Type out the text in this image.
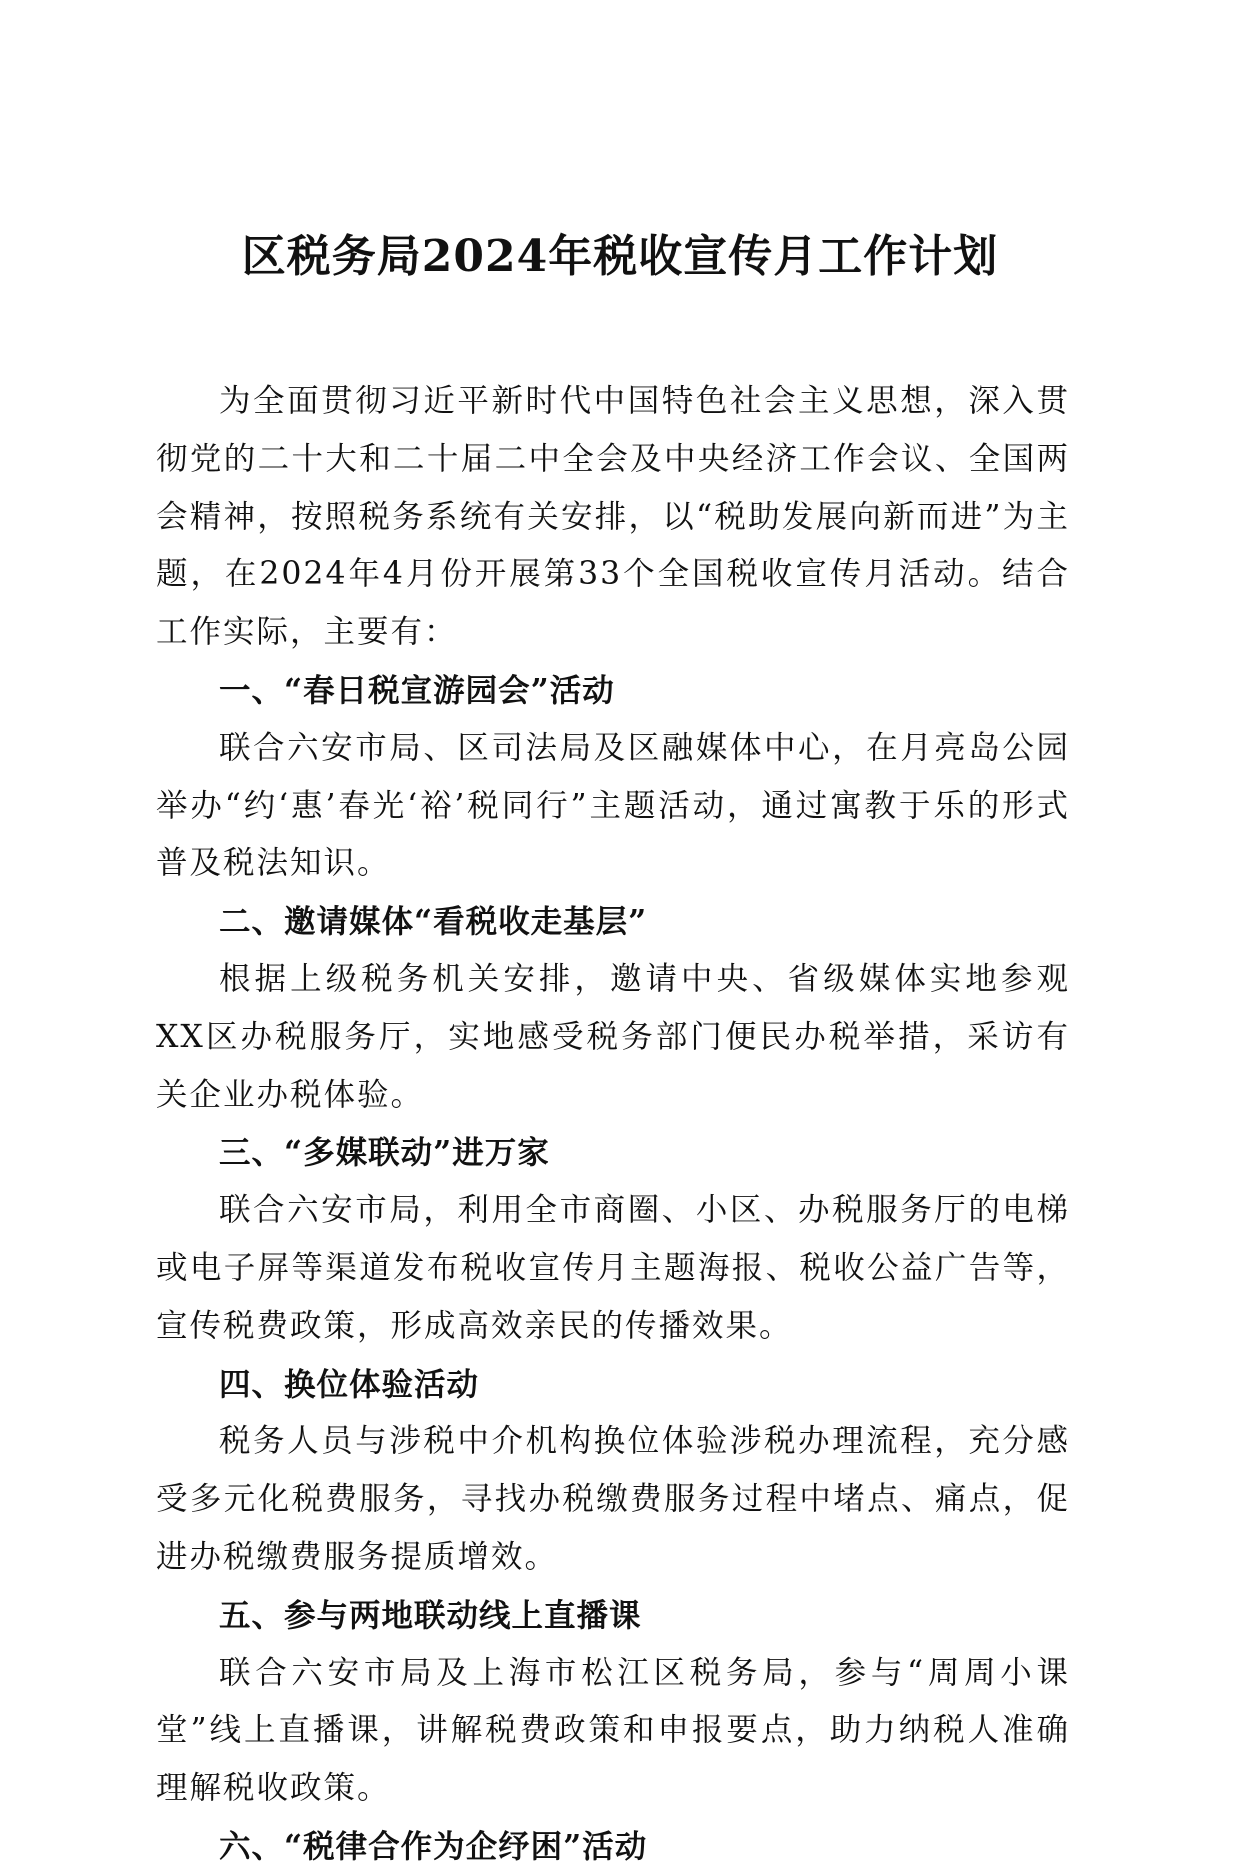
区税务局2024年税收宣传月工作计划

为全面贯彻习近平新时代中国特色社会主义思想，深入贯彻党的二十大和二十届二中全会及中央经济工作会议、全国两会精神，按照税务系统有关安排，以“税助发展向新而进”为主题，在2024年4月份开展第33个全国税收宣传月活动。结合工作实际，主要有：

一、“春日税宣游园会”活动

联合六安市局、区司法局及区融媒体中心，在月亮岛公园举办“约‘惠’春光‘裕’税同行”主题活动，通过寓教于乐的形式普及税法知识。

二、邀请媒体“看税收走基层”

根据上级税务机关安排，邀请中央、省级媒体实地参观XX区办税服务厅，实地感受税务部门便民办税举措，采访有关企业办税体验。

三、“多媒联动”进万家

联合六安市局，利用全市商圈、小区、办税服务厅的电梯或电子屏等渠道发布税收宣传月主题海报、税收公益广告等，宣传税费政策，形成高效亲民的传播效果。

四、换位体验活动

税务人员与涉税中介机构换位体验涉税办理流程，充分感受多元化税费服务，寻找办税缴费服务过程中堵点、痛点，促进办税缴费服务提质增效。

五、参与两地联动线上直播课

联合六安市局及上海市松江区税务局，参与“周周小课堂”线上直播课，讲解税费政策和申报要点，助力纳税人准确理解税收政策。

六、“税律合作为企纾困”活动
